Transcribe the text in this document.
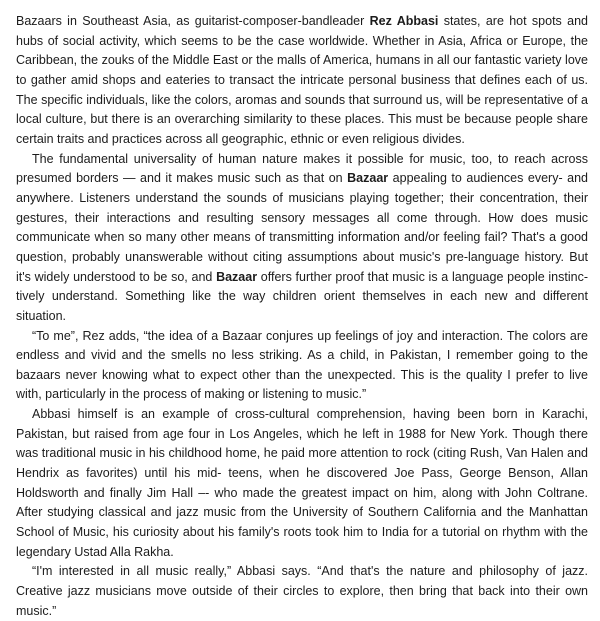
Bazaars in Southeast Asia, as guitarist-composer-bandleader Rez Abbasi states, are hot spots and hubs of social activity, which seems to be the case worldwide. Whether in Asia, Africa or Europe, the Caribbean, the zouks of the Middle East or the malls of America, humans in all our fantastic variety love to gather amid shops and eateries to transact the intricate personal business that defines each of us. The specific individuals, like the colors, aromas and sounds that surround us, will be representative of a local culture, but there is an overarching similarity to these places. This must be because people share certain traits and practices across all geographic, ethnic or even religious divides.

The fundamental universality of human nature makes it possible for music, too, to reach across presumed borders — and it makes music such as that on Bazaar appealing to audiences every- and anywhere. Listeners understand the sounds of musicians playing together; their concentration, their gestures, their interactions and resulting sensory messages all come through. How does music communicate when so many other means of transmitting information and/or feeling fail? That's a good question, probably unanswerable without citing assumptions about music's pre-language history. But it's widely understood to be so, and Bazaar offers further proof that music is a language people instinctively understand. Something like the way children orient themselves in each new and different situation.

“To me”, Rez adds, “the idea of a Bazaar conjures up feelings of joy and interaction. The colors are endless and vivid and the smells no less striking. As a child, in Pakistan, I remember going to the bazaars never knowing what to expect other than the unexpected. This is the quality I prefer to live with, particularly in the process of making or listening to music.”

Abbasi himself is an example of cross-cultural comprehension, having been born in Karachi, Pakistan, but raised from age four in Los Angeles, which he left in 1988 for New York. Though there was traditional music in his childhood home, he paid more attention to rock (citing Rush, Van Halen and Hendrix as favorites) until his mid- teens, when he discovered Joe Pass, George Benson, Allan Holdsworth and finally Jim Hall –- who made the greatest impact on him, along with John Coltrane. After studying classical and jazz music from the University of Southern California and the Manhattan School of Music, his curiosity about his family's roots took him to India for a tutorial on rhythm with the legendary Ustad Alla Rakha.

“I'm interested in all music really,” Abbasi says. “And that's the nature and philosophy of jazz. Creative jazz musicians move outside of their circles to explore, then bring that back into their own music.”
